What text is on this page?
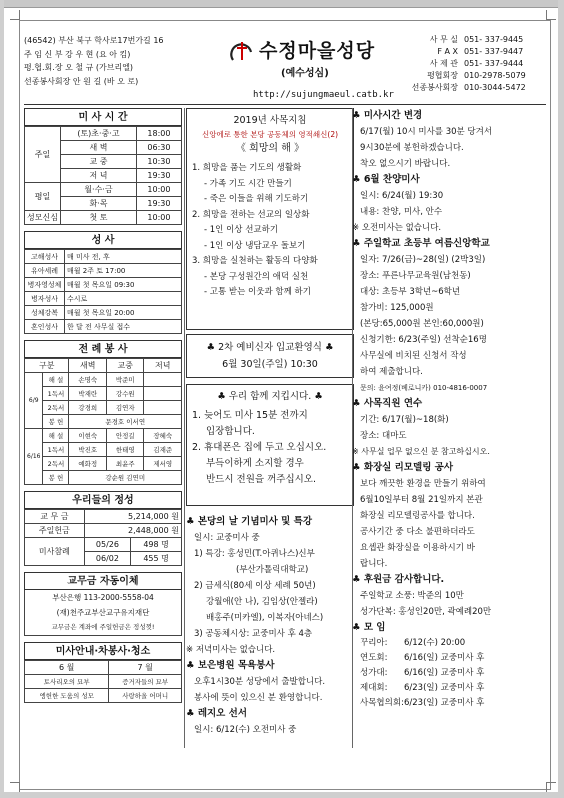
(46542) 부산 북구 학사로17번가길 16
주 임 신 부 강 우 현 (요 아 킴)
평.협.회.장 오 철 규 (가브리엘)
선종봉사회장 안 원 길 (바 오 로)
수정마을성당
(예수성심)
http://sujungmaeul.catb.kr
사 무 실 051- 337-9445
F A X 051- 337-9447
사 제 관 051- 337-9444
평협회장 010-2978-5079
선종봉사회장 010-3044-5472
미 사 시 간
주일	(토)초·중·고	18:00
	새 벽	06:30
	교 중	10:30
	저 녁	19:30
평일	월·수·금	10:00
	화·목	19:30
성모신심	첫 토	10:00
성 사
고해성사	매 미사 전, 후
유아세례	매월 2주 토 17:00
병자영성체	매월 첫 목요일 09:30
병자성사	수시로
성체강복	매월 첫 목요일 20:00
혼인성사	한 달 전 사무실 접수
전 례 봉 사
구분		새벽	교중	저녁
6/9	해 설	손명숙	박준미	
	1독서	박재란	강수원	
	2독서	강경희	김연자	
	봉 헌	문경호 이서연		
6/16	해 설	이현숙	안정길	장혜숙
	1독서	박진호	한태영	김재준
	2독서	예화정	최윤주	제서영
	봉 헌	강순원 김연미		
우리들의 정성
교 무 금	5,214,000 원	
주일헌금	2,448,000 원	
미사참례	05/26	498 명
	06/02	455 명
교무금 자동이체
부산은행 113-2000-5558-04
(재)천주교부산교구유지재단
교무금은 계좌에 주일헌금은 정성껏!
미사안내·차봉사·청소
6 월	7 월
토사리오의 묘부	증거자들의 묘부
엥헌한 도움의 성모	사랑하올 어머니
2019년 사목지침
신앙에로 통한 본당 공동체의 영적쇄신(2)
《 희망의 해 》
1. 희망을 품는 기도의 생활화
- 가족 기도 시간 만들기
- 죽은 이들을 위해 기도하기
2. 희망을 전하는 선교의 일상화
- 1인 이상 선교하기
- 1인 이상 냉담교우 돌보기
3. 희망을 실천하는 활동의 다양화
- 본당 구성원간의 애덕 실천
- 고통 받는 이웃과 함께 하기
♣ 2차 예비신자 입교환영식 ♣
6월 30일(주일) 10:30
♣ 우리 함께 지킵시다. ♣
1. 늦어도 미사 15분 전까지
입장합니다.
2. 휴대폰은 집에 두고 오십시오.
부득이하게 소지할 경우
반드시 전원을 꺼주십시오.
♣ 본당의 날 기념미사 및 특강
일시: 교중미사 중
1) 특강: 홍성민(T.아퀴나스)신부
(부산가톨릭대학교)
2) 금세식(80세 이상 세례 50년)
강월애(안 나), 김임상(안젤라)
배홍주(미카엘), 이복자(아네스)
3) 공동체시상: 교중미사 후 4층
※ 저녁미사는 없습니다.
♣ 보은병원 목욕봉사
오후1시30분 성당에서 출발합니다.
봉사에 뜻이 있으신 분 환영합니다.
♣ 레지오 선서
일시: 6/12(수) 오전미사 중
♣ 미사시간 변경
6/17(월) 10시 미사를 30분 당겨서
9시30분에 봉헌하겠습니다.
착오 없으시기 바랍니다.
♣ 6월 찬양미사
일시: 6/24(월) 19:30
내용: 찬양, 미사, 안수
※ 오전미사는 없습니다.
♣ 주일학교 초등부 여름신앙학교
일자: 7/26(금)~28(일) (2박3일)
장소: 푸른나무교육원(남천동)
대상: 초등부 3학년~6학년
참가비: 125,000원
(본당:65,000원 본인:60,000원)
신청기한: 6/23(주일) 선착순16명
사무실에 비치된 신청서 작성
하여 제출합니다.
문의: 윤여정(베로니카) 010-4816-0007
♣ 사목직원 연수
기간: 6/17(월)~18(화)
장소: 대마도
※ 사무실 업무 없으신 분 참고하십시오.
♣ 화장실 리모델링 공사
보다 깨끗한 환경을 만들기 위하여
6월10일부터 8월 21일까지 본관
화장실 리모델링공사를 합니다.
공사기간 중 다소 불편하더라도
요셉관 화장실을 이용하시기 바
랍니다.
♣ 후원금 감사합니다.
주일학교 소풍: 박준의 10만
성가단복: 홍성인20만, 곽예례20만
♣ 모 임
꾸리아:	6/12(수) 20:00
연도회:	6/16(일) 교중미사 후
성가대:	6/16(일) 교중미사 후
제대회:	6/23(일) 교중미사 후
사목협의회: 6/23(일) 교중미사 후
